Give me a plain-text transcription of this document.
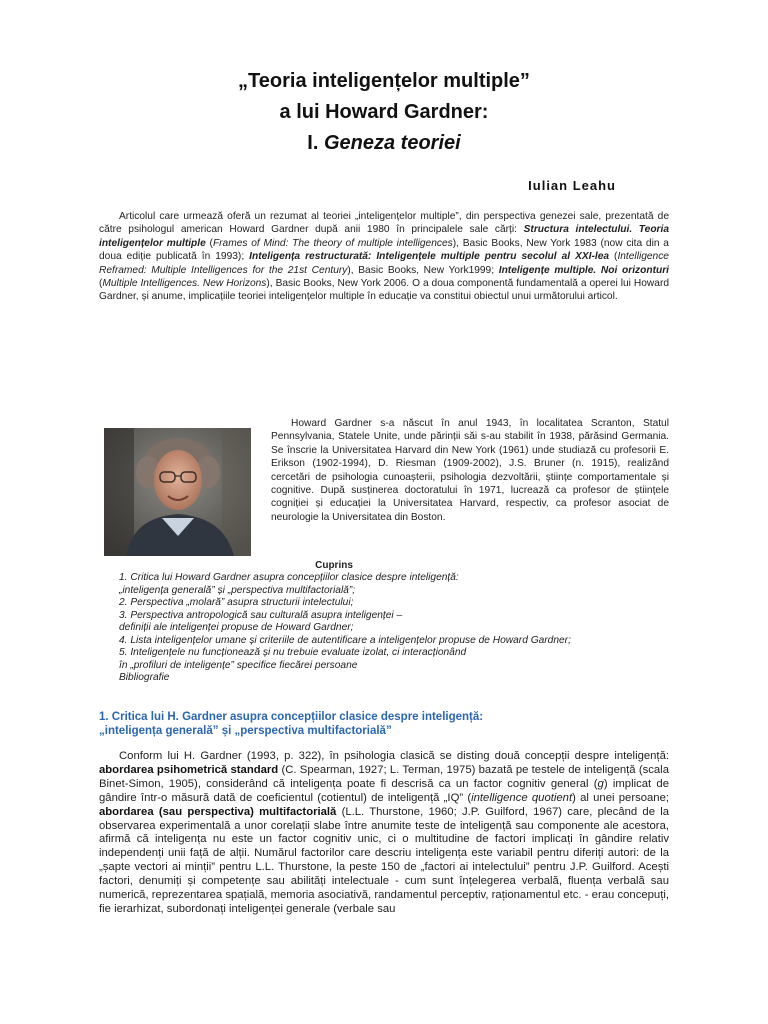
„Teoria inteligențelor multiple”
a lui Howard Gardner:
I. Geneza teoriei
Iulian Leahu

Articolul care urmează oferă un rezumat al teoriei „inteligențelor multiple”, din perspectiva genezei sale, prezentată de către psihologul american Howard Gardner după anii 1980 în principalele sale cărți: Structura intelectului. Teoria inteligențelor multiple (Frames of Mind: The theory of multiple intelligences), Basic Books, New York 1983 (now cita din a doua ediție publicată în 1993); Inteligența restructurată: Inteligențele multiple pentru secolul al XXI-lea (Intelligence Reframed: Multiple Intelligences for the 21st Century), Basic Books, New York1999; Inteligențe multiple. Noi orizonturi (Multiple Intelligences. New Horizons), Basic Books, New York 2006. O a doua componentă fundamentală a operei lui Howard Gardner, și anume, implicațiile teoriei inteligențelor multiple în educație va constitui obiectul unui următorului articol.

Howard Gardner s-a născut în anul 1943, în localitatea Scranton, Statul Pennsylvania, Statele Unite, unde părinții săi s-au stabilit în 1938, părăsind Germania. Se înscrie la Universitatea Harvard din New York (1961) unde studiază cu profesorii E. Erikson (1902-1994), D. Riesman (1909-2002), J.S. Bruner (n. 1915), realizând cercetări de psihologia cunoașterii, psihologia dezvoltării, științe comportamentale și cognitive. După susținerea doctoratului în 1971, lucrează ca profesor de științele cogniției și educației la Universitatea Harvard, respectiv, ca profesor asociat de neurologie la Universitatea din Boston.

Cuprins
1. Critica lui Howard Gardner asupra concepțiilor clasice despre inteligență:
„inteligența generală” și „perspectiva multifactorială”;
2. Perspectiva „molară” asupra structurii intelectului;
3. Perspectiva antropologică sau culturală asupra inteligenței –
definiții ale inteligenței propuse de Howard Gardner;
4. Lista inteligențelor umane și criteriile de autentificare a inteligențelor propuse de Howard Gardner;
5. Inteligențele nu funcționează și nu trebuie evaluate izolat, ci interacționând
în „profiluri de inteligențe” specifice fiecărei persoane
Bibliografie
1. Critica lui H. Gardner asupra concepțiilor clasice despre inteligență:
„inteligența generală” și „perspectiva multifactorială”

Conform lui H. Gardner (1993, p. 322), în psihologia clasică se disting două concepții despre inteligență: abordarea psihometrică standard (C. Spearman, 1927; L. Terman, 1975) bazată pe testele de inteligență (scala Binet-Simon, 1905), considerând că inteligența poate fi descrisă ca un factor cognitiv general (g) implicat de gândire într-o măsură dată de coeficientul (cotientul) de inteligență „IQ” (intelligence quotient) al unei persoane; abordarea (sau perspectiva) multifactorială (L.L. Thurstone, 1960; J.P. Guilford, 1967) care, plecând de la observarea experimentală a unor corelații slabe între anumite teste de inteligență sau componente ale acestora, afirmă că inteligența nu este un factor cognitiv unic, ci o multitudine de factori implicați în gândire relativ independenți unii față de alții. Numărul factorilor care descriu inteligența este variabil pentru diferiți autori: de la „șapte vectori ai minții” pentru L.L. Thurstone, la peste 150 de „factori ai intelectului” pentru J.P. Guilford. Acești factori, denumiți și competențe sau abilități intelectuale - cum sunt înțelegerea verbală, fluența verbală sau numerică, reprezentarea spațială, memoria asociativă, randamentul perceptiv, raționamentul etc. - erau concepuți, fie ierarhizat, subordonați inteligenței generale (verbale sau
